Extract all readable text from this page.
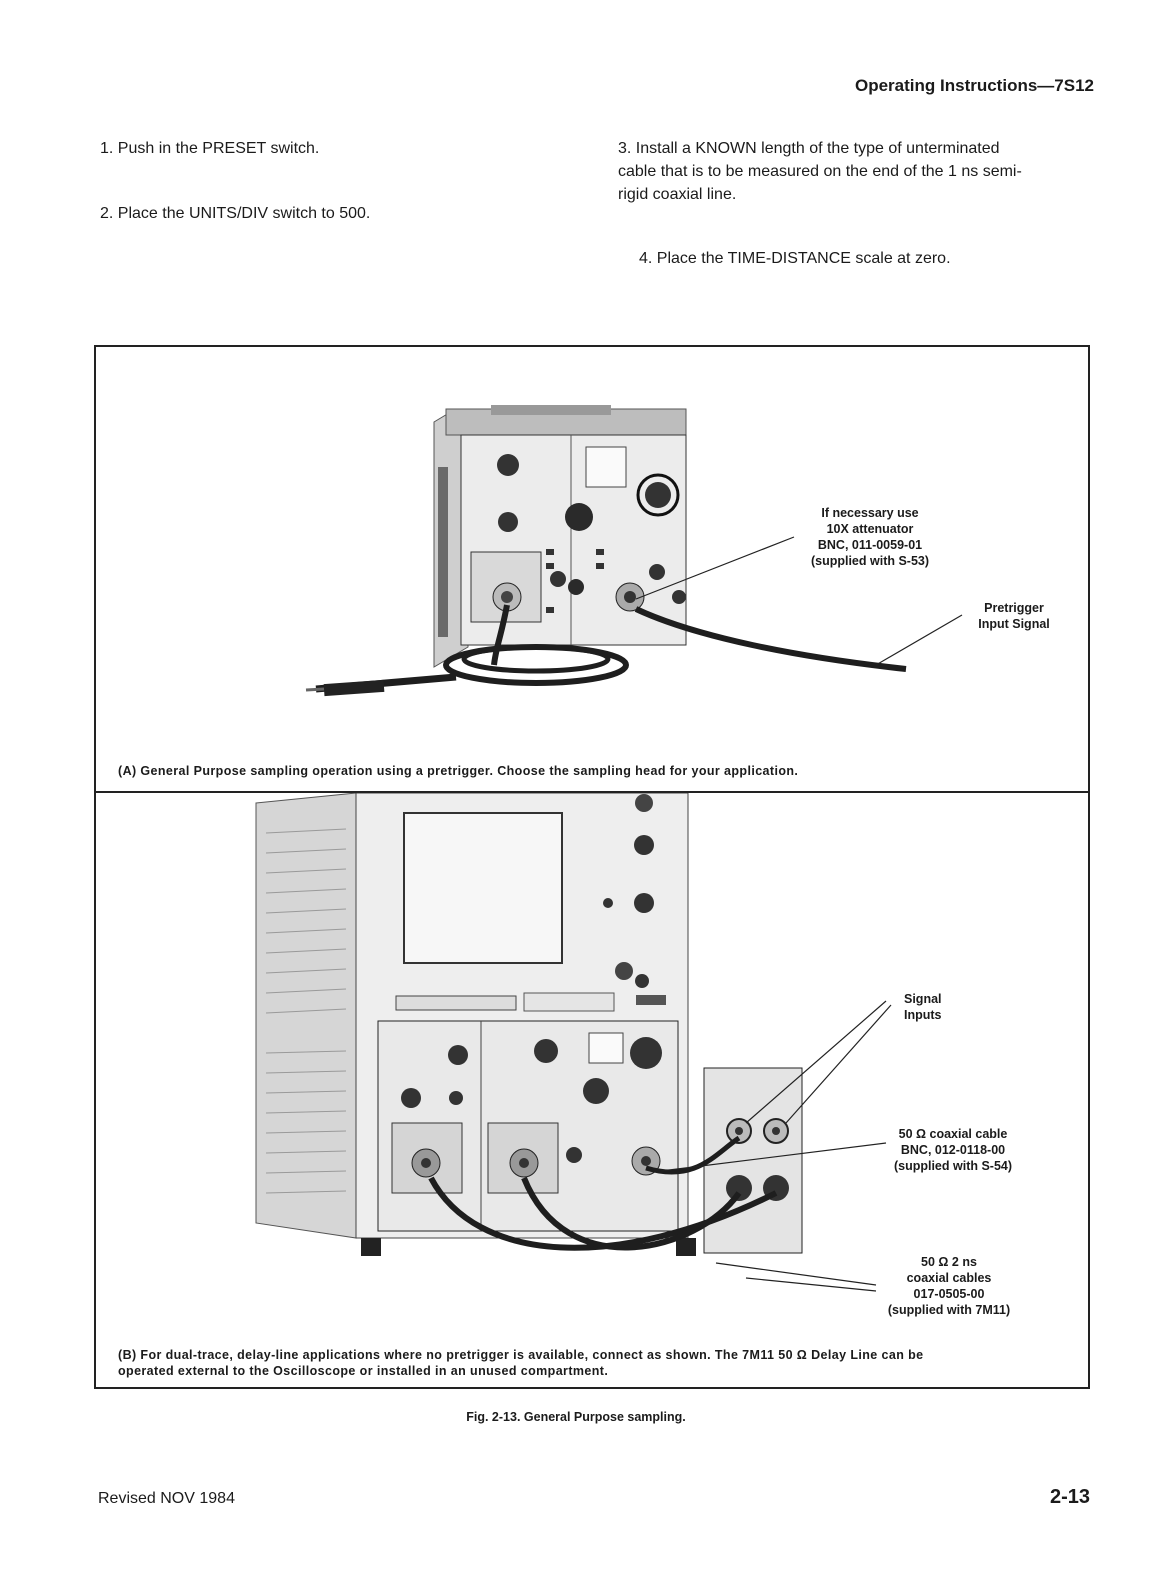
Operating Instructions—7S12
1. Push in the PRESET switch.
2. Place the UNITS/DIV switch to 500.
3. Install a KNOWN length of the type of unterminated
cable that is to be measured on the end of the 1 ns semi-
rigid coaxial line.
4. Place the TIME-DISTANCE scale at zero.
If necessary use
10X attenuator
BNC, 011-0059-01
(supplied with S-53)
Pretrigger
Input Signal
(A) General Purpose sampling operation using a pretrigger. Choose the sampling head for your application.
Signal
Inputs
50 Ω coaxial cable
BNC, 012-0118-00
(supplied with S-54)
50 Ω 2 ns
coaxial cables
017-0505-00
(supplied with 7M11)
(B) For dual-trace, delay-line applications where no pretrigger is available, connect as shown. The 7M11 50 Ω Delay Line can be
operated external to the Oscilloscope or installed in an unused compartment.
Fig. 2-13. General Purpose sampling.
Revised NOV 1984	2-13
